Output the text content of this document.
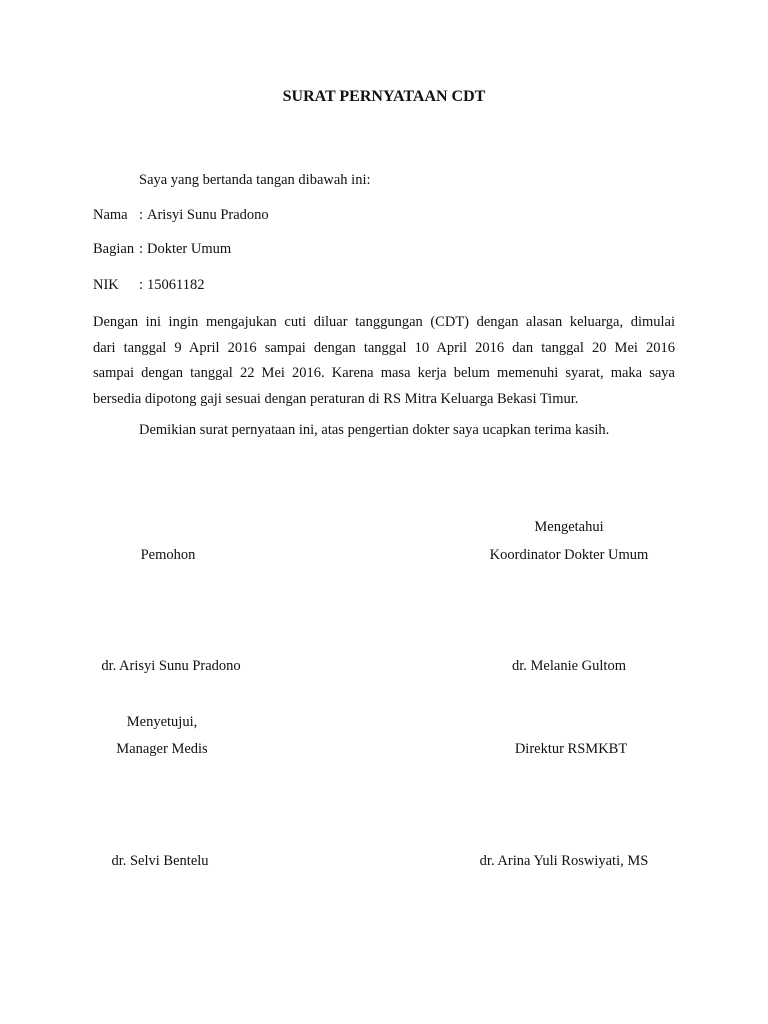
SURAT PERNYATAAN CDT
Saya yang bertanda tangan dibawah ini:
Nama : Arisyi Sunu Pradono
Bagian : Dokter Umum
NIK : 15061182
Dengan ini ingin mengajukan cuti diluar tanggungan (CDT) dengan alasan keluarga, dimulai
dari tanggal 9 April 2016 sampai dengan tanggal 10 April 2016 dan tanggal 20 Mei 2016
sampai dengan tanggal 22 Mei 2016. Karena masa kerja belum memenuhi syarat, maka saya
bersedia dipotong gaji sesuai dengan peraturan di RS Mitra Keluarga Bekasi Timur.
Demikian surat pernyataan ini, atas pengertian dokter saya ucapkan terima kasih.
Mengetahui
Pemohon	Koordinator Dokter Umum
dr. Arisyi Sunu Pradono	dr. Melanie Gultom
Menyetujui,
Manager Medis	Direktur RSMKBT
dr. Selvi Bentelu	dr. Arina Yuli Roswiyati, MS
